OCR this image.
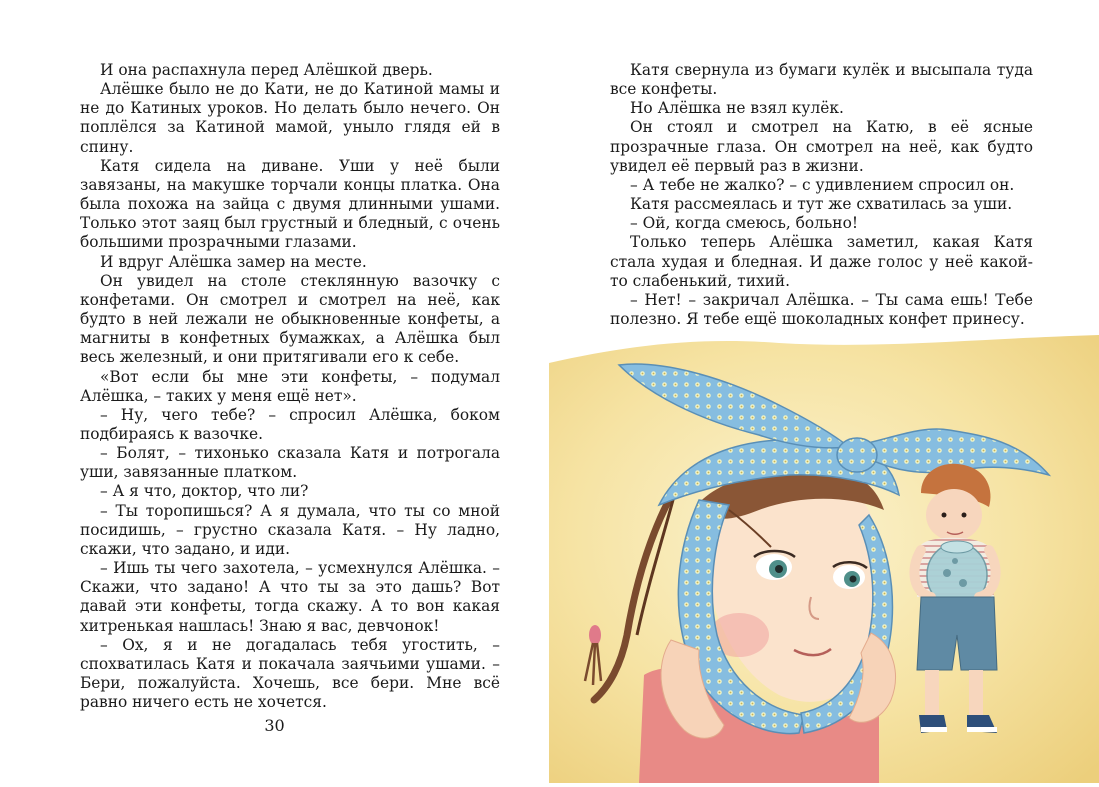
И она распахнула перед Алёшкой дверь.

Алёшке было не до Кати, не до Катиной мамы и не до Катиных уроков. Но делать было нечего. Он поплёлся за Катиной мамой, уныло глядя ей в спину.

Катя сидела на диване. Уши у неё были завязаны, на макушке торчали концы платка. Она была похожа на зайца с двумя длинными ушами. Только этот заяц был грустный и бледный, с очень большими прозрачными глазами.

И вдруг Алёшка замер на месте.

Он увидел на столе стеклянную вазочку с конфетами. Он смотрел и смотрел на неё, как будто в ней лежали не обыкновенные конфеты, а магниты в конфетных бумажках, а Алёшка был весь железный, и они притягивали его к себе.

«Вот если бы мне эти конфеты, – подумал Алёшка, – таких у меня ещё нет».

– Ну, чего тебе? – спросил Алёшка, боком подбираясь к вазочке.

– Болят, – тихонько сказала Катя и потрогала уши, завязанные платком.

– А я что, доктор, что ли?

– Ты торопишься? А я думала, что ты со мной посидишь, – грустно сказала Катя. – Ну ладно, скажи, что задано, и иди.

– Ишь ты чего захотела, – усмехнулся Алёшка. – Скажи, что задано! А что ты за это дашь? Вот давай эти конфеты, тогда скажу. А то вон какая хитренькая нашлась! Знаю я вас, девчонок!

– Ох, я и не догадалась тебя угостить, – спохватилась Катя и покачала заячьими ушами. – Бери, пожалуйста. Хочешь, все бери. Мне всё равно ничего есть не хочется.

30

Катя свернула из бумаги кулёк и высыпала туда все конфеты.

Но Алёшка не взял кулёк.

Он стоял и смотрел на Катю, в её ясные прозрачные глаза. Он смотрел на неё, как будто увидел её первый раз в жизни.

– А тебе не жалко? – с удивлением спросил он.

Катя рассмеялась и тут же схватилась за уши.

– Ой, когда смеюсь, больно!

Только теперь Алёшка заметил, какая Катя стала худая и бледная. И даже голос у неё какой-то слабенький, тихий.

– Нет! – закричал Алёшка. – Ты сама ешь! Тебе полезно. Я тебе ещё шоколадных конфет принесу.
